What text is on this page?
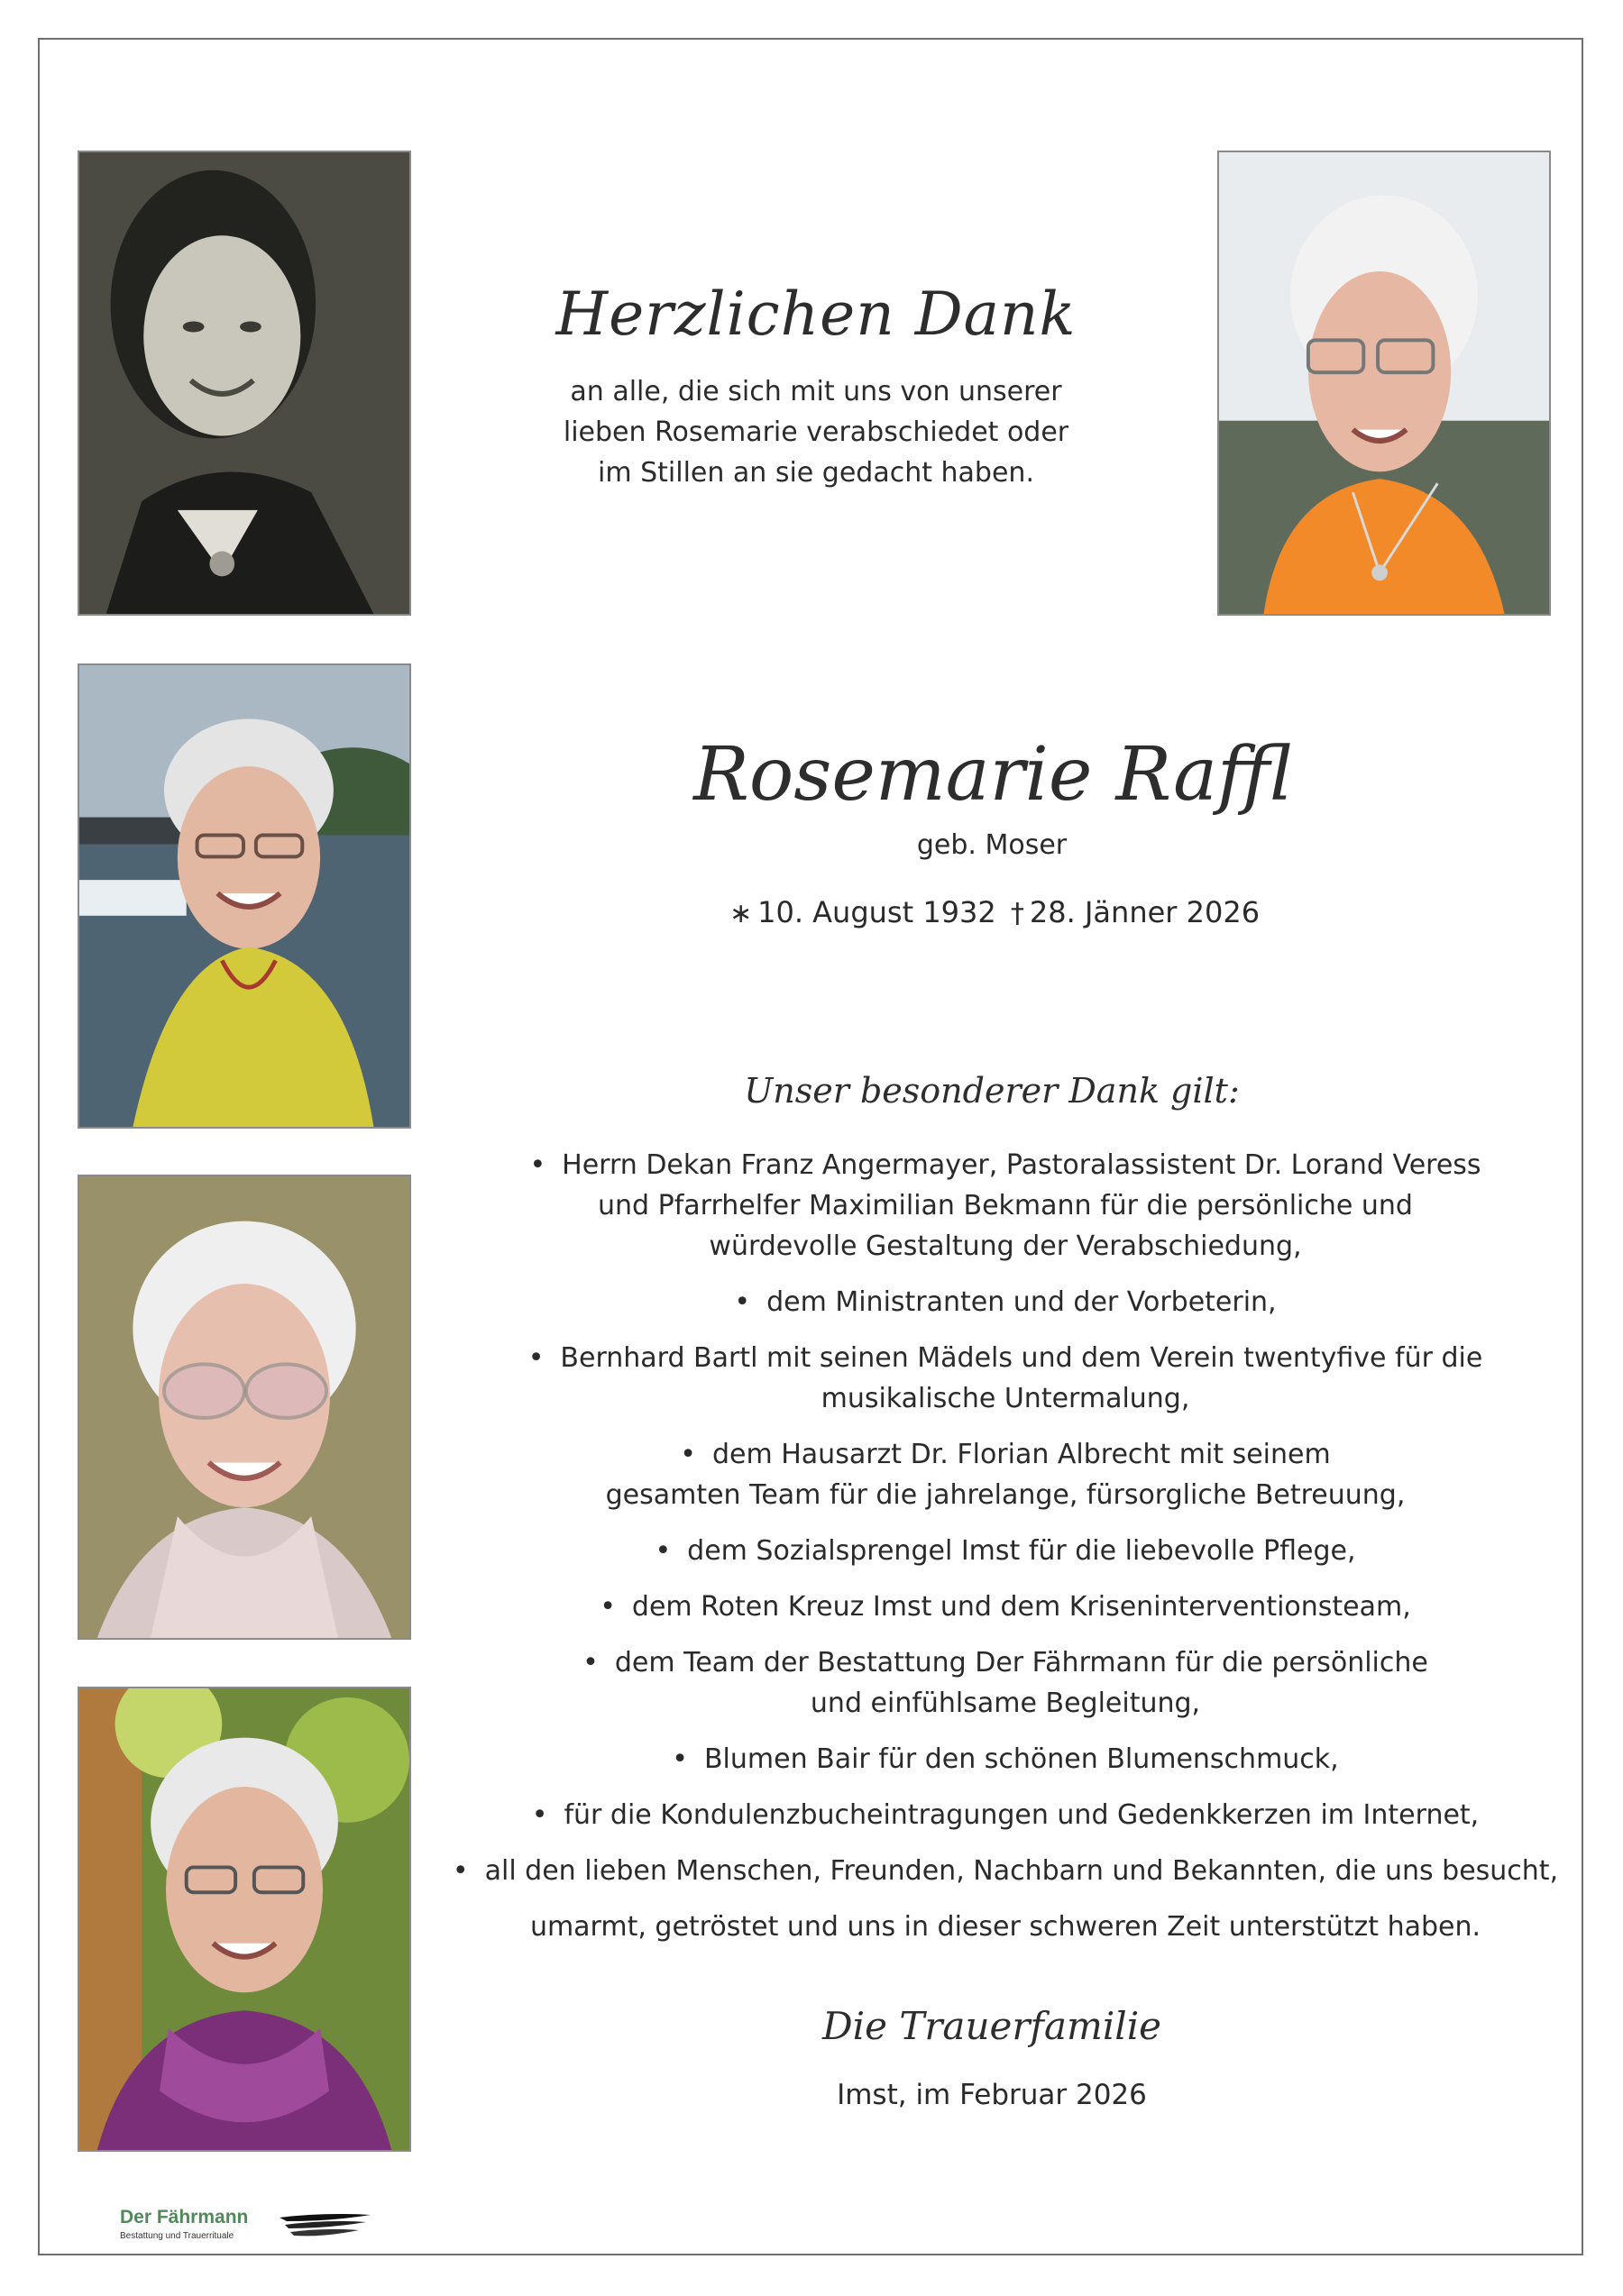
Herzlichen Dank
an alle, die sich mit uns von unserer
lieben Rosemarie verabschiedet oder
im Stillen an sie gedacht haben.
Rosemarie Raffl
geb. Moser
∗ 10. August 1932 † 28. Jänner 2026
Unser besonderer Dank gilt:
• Herrn Dekan Franz Angermayer, Pastoralassistent Dr. Lorand Veress
und Pfarrhelfer Maximilian Bekmann für die persönliche und
würdevolle Gestaltung der Verabschiedung,
• dem Ministranten und der Vorbeterin,
• Bernhard Bartl mit seinen Mädels und dem Verein twentyfive für die
musikalische Untermalung,
• dem Hausarzt Dr. Florian Albrecht mit seinem
gesamten Team für die jahrelange, fürsorgliche Betreuung,
• dem Sozialsprengel Imst für die liebevolle Pflege,
• dem Roten Kreuz Imst und dem Kriseninterventionsteam,
• dem Team der Bestattung Der Fährmann für die persönliche
und einfühlsame Begleitung,
• Blumen Bair für den schönen Blumenschmuck,
• für die Kondulenzbucheintragungen und Gedenkkerzen im Internet,
• all den lieben Menschen, Freunden, Nachbarn und Bekannten, die uns besucht,
umarmt, getröstet und uns in dieser schweren Zeit unterstützt haben.
Die Trauerfamilie
Imst, im Februar 2026
Der Fährmann
Bestattung und Trauerrituale
